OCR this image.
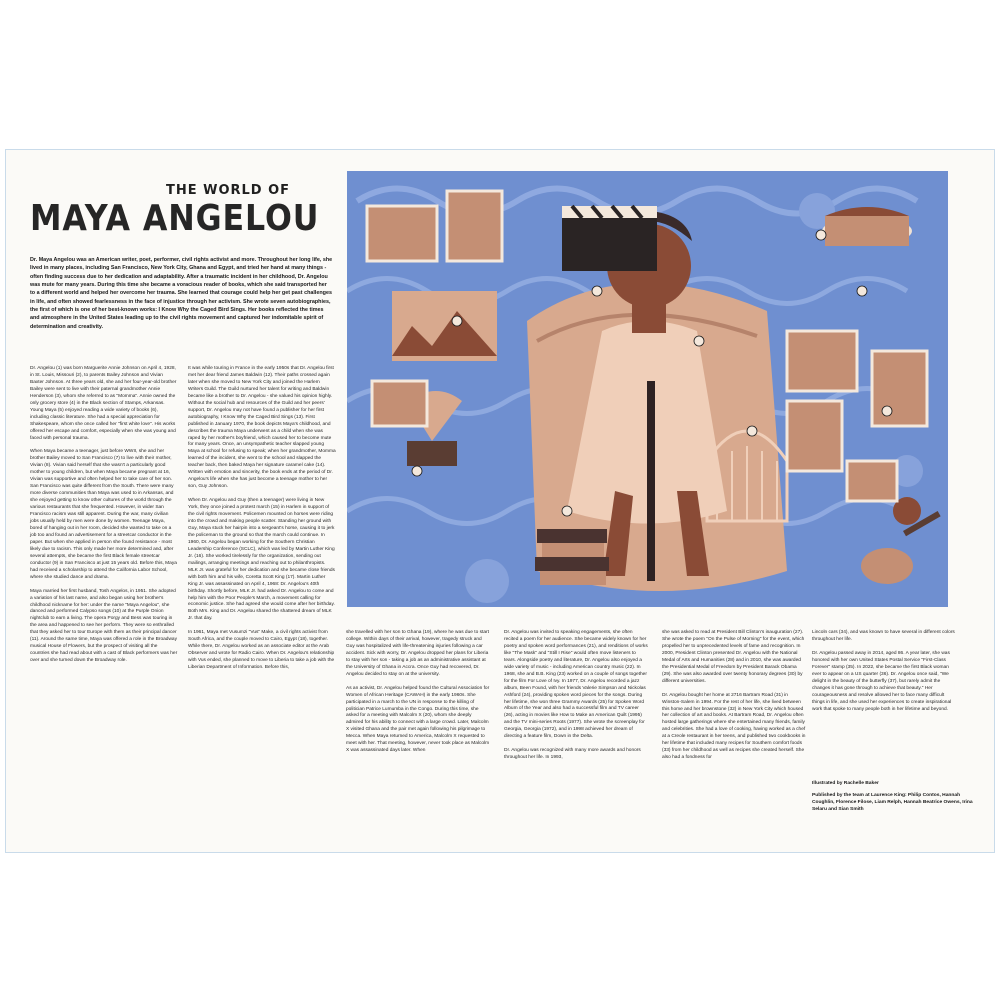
THE WORLD OF
MAYA ANGELOU

Dr. Maya Angelou was an American writer, poet, performer, civil rights activist and more. Throughout her long life, she lived in many places, including San Francisco, New York City, Ghana and Egypt, and tried her hand at many things - often finding success due to her dedication and adaptability. After a traumatic incident in her childhood, Dr. Angelou was mute for many years. During this time she became a voracious reader of books, which she said transported her to a different world and helped her overcome her trauma. She learned that courage could help her get past challenges in life, and often showed fearlessness in the face of injustice through her activism. She wrote seven autobiographies, the first of which is one of her best-known works: I Know Why the Caged Bird Sings. Her books reflected the times and atmosphere in the United States leading up to the civil rights movement and captured her indomitable spirit of determination and creativity.

Dr. Angelou (1) was born Marguerite Annie Johnson on April 4, 1928, in St. Louis, Missouri (2), to parents Bailey Johnson and Vivian Baxter Johnson. At three years old, she and her four-year-old brother Bailey were sent to live with their paternal grandmother Annie Henderson (3), whom she referred to as "Momma". Annie owned the only grocery store (4) in the Black section of Stamps, Arkansas. Young Maya (5) enjoyed reading a wide variety of books (6), including classic literature. She had a special appreciation for Shakespeare, whom she once called her "first white love". His works offered her escape and comfort, especially when she was young and faced with personal trauma.

When Maya became a teenager, just before WWII, she and her brother Bailey moved to San Francisco (7) to live with their mother, Vivian (8). Vivian said herself that she wasn't a particularly good mother to young children, but when Maya became pregnant at 16, Vivian was supportive and often helped her to take care of her son. San Francisco was quite different from the South. There were many more diverse communities than Maya was used to in Arkansas, and she enjoyed getting to know other cultures of the world through the various restaurants that she frequented. However, in wider San Francisco racism was still apparent. During the war, many civilian jobs usually held by men were done by women. Teenage Maya, bored of hanging out in her room, decided she wanted to take on a job too and found an advertisement for a streetcar conductor in the paper. But when she applied in person she found resistance - most likely due to racism. This only made her more determined and, after several attempts, she became the first Black female streetcar conductor (9) in San Francisco at just 15 years old. Before this, Maya had received a scholarship to attend the California Labor School, where she studied dance and drama.

Maya married her first husband, Tosh Angelos, in 1951. She adopted a variation of his last name, and also began using her brother's childhood nickname for her: under the name "Maya Angelou", she danced and performed Calypso songs (10) at the Purple Onion nightclub to earn a living. The opera Porgy and Bess was touring in the area and happened to see her perform. They were so enthralled that they asked her to tour Europe with them as their principal dancer (11). Around the same time, Maya was offered a role in the Broadway musical House of Flowers, but the prospect of visiting all the countries she had read about with a cast of Black performers was her over and she turned down the Broadway role.

It was while touring in France in the early 1950s that Dr. Angelou first met her dear friend James Baldwin (12). Their paths crossed again later when she moved to New York City and joined the Harlem Writers Guild. The Guild nurtured her talent for writing and Baldwin became like a brother to Dr. Angelou - she valued his opinion highly. Without the social hub and resources of the Guild and her peers' support, Dr. Angelou may not have found a publisher for her first autobiography, I Know Why the Caged Bird Sings (13). First published in January 1970, the book depicts Maya's childhood, and describes the trauma Maya underwent as a child when she was raped by her mother's boyfriend, which caused her to become mute for many years. Once, an unsympathetic teacher slapped young Maya at school for refusing to speak; when her grandmother, Momma learned of the incident, she went to the school and slapped the teacher back, then baked Maya her signature caramel cake (14). Written with emotion and sincerity, the book ends at the period of Dr. Angelou's life when she has just become a teenage mother to her son, Guy Johnson.

When Dr. Angelou and Guy (then a teenager) were living in New York, they once joined a protest march (15) in Harlem in support of the civil rights movement. Policemen mounted on horses were riding into the crowd and making people scatter. Standing her ground with Guy, Maya stuck her hairpin into a sergeant's horse, causing it to jerk the policeman to the ground so that the march could continue. In 1960, Dr. Angelou began working for the Southern Christian Leadership Conference (SCLC), which was led by Martin Luther King Jr. (16). She worked tirelessly for the organization, sending out mailings, arranging meetings and reaching out to philanthropists. MLK Jr. was grateful for her dedication and she became close friends with both him and his wife, Coretta Scott King (17). Martin Luther King Jr. was assassinated on April 4, 1968: Dr. Angelou's 40th birthday. Shortly before, MLK Jr. had asked Dr. Angelou to come and help him with the Poor People's March, a movement calling for economic justice. She had agreed she would come after her birthday. Both Mrs. King and Dr. Angelou shared the shattered dream of MLK Jr. that day.

In 1961, Maya met Vusumzi "Vus" Make, a civil rights activist from South Africa, and the couple moved to Cairo, Egypt (18), together. While there, Dr. Angelou worked as an associate editor at the Arab Observer and wrote for Radio Cairo. When Dr. Angelou's relationship with Vus ended, she planned to move to Liberia to take a job with the Liberian Department of Information. Before this,

she travelled with her son to Ghana (19), where he was due to start college. Within days of their arrival, however, tragedy struck and Guy was hospitalized with life-threatening injuries following a car accident. Sick with worry, Dr. Angelou dropped her plans for Liberia to stay with her son - taking a job as an administrative assistant at the University of Ghana in Accra. Once Guy had recovered, Dr. Angelou decided to stay on at the university.

As an activist, Dr. Angelou helped found the Cultural Association for Women of African Heritage (CAWAH) in the early 1960s. She participated in a march to the UN in response to the killing of politician Patrice Lumumba in the Congo. During this time, she asked for a meeting with Malcolm X (20), whom she deeply admired for his ability to connect with a large crowd. Later, Malcolm X visited Ghana and the pair met again following his pilgrimage to Mecca. When Maya returned to America, Malcolm X requested to meet with her. That meeting, however, never took place as Malcolm X was assassinated days later. When

Dr. Angelou was invited to speaking engagements, she often recited a poem for her audience. She became widely known for her poetry and spoken word performances (21), and renditions of works like "The Mask" and "Still I Rise" would often move listeners to tears. Alongside poetry and literature, Dr. Angelou also enjoyed a wide variety of music - including American country music (22). In 1968, she and B.B. King (23) worked on a couple of songs together for the film For Love of Ivy. In 1977, Dr. Angelou recorded a jazz album, Been Found, with her friends Valerie Simpson and Nickolas Ashford (24), providing spoken word pieces for the songs. During her lifetime, she won three Grammy Awards (25) for Spoken Word Album of the Year and also had a successful film and TV career (26), acting in movies like How to Make an American Quilt (1995) and the TV mini-series Roots (1977). She wrote the screenplay for Georgia, Georgia (1972), and in 1998 achieved her dream of directing a feature film, Down in the Delta.

Dr. Angelou was recognized with many more awards and honors throughout her life. In 1993,

she was asked to read at President Bill Clinton's inauguration (27). She wrote the poem "On the Pulse of Morning" for the event, which propelled her to unprecedented levels of fame and recognition. In 2000, President Clinton presented Dr. Angelou with the National Medal of Arts and Humanities (28) and in 2010, she was awarded the Presidential Medal of Freedom by President Barack Obama (29). She was also awarded over twenty honorary degrees (30) by different universities.

Dr. Angelou bought her home at 2716 Bartram Road (31) in Winston-Salem in 1994. For the rest of her life, she lived between this home and her brownstone (32) in New York City which housed her collection of art and books. At Bartram Road, Dr. Angelou often hosted large gatherings where she entertained many friends, family and celebrities. She had a love of cooking, having worked as a chef at a Creole restaurant in her teens, and published two cookbooks in her lifetime that included many recipes for Southern comfort foods (33) from her childhood as well as recipes she created herself. She also had a fondness for

Lincoln cars (34), and was known to have several in different colors throughout her life.

Dr. Angelou passed away in 2014, aged 86. A year later, she was honored with her own United States Postal Service "First-Class Forever" stamp (35). In 2022, she became the first Black woman ever to appear on a US quarter (36). Dr. Angelou once said, "We delight in the beauty of the butterfly (37), but rarely admit the changes it has gone through to achieve that beauty." Her courageousness and resolve allowed her to face many difficult things in life, and she used her experiences to create inspirational work that spoke to many people both in her lifetime and beyond.

Illustrated by Rachelle Baker

Published by the team at Laurence King: Philip Contos, Hannah Coughlin, Florence Filose, Liam Relph, Hannah Beatrice Owens, Irina Selaru and Sian Smith
